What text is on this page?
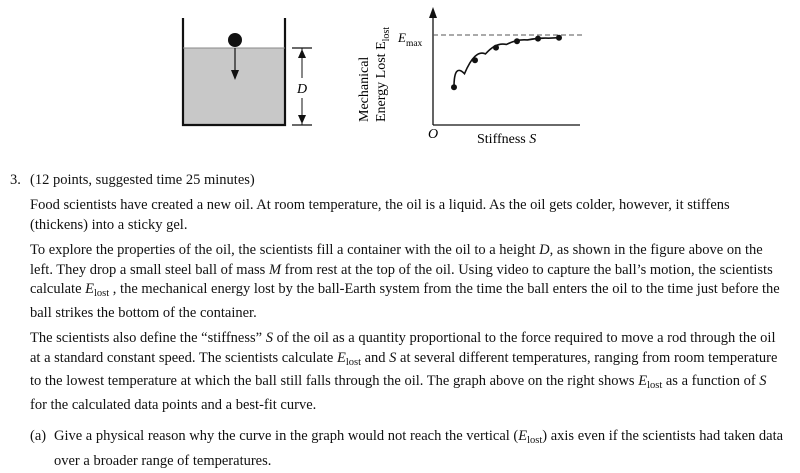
D	Mechanical Energy Lost $E_{lost}$ $E_{max}$
O	Stiffness S
3. (12 points, suggested time 25 minutes)

Food scientists have created a new oil. At room temperature, the oil is a liquid. As the oil gets colder, however, it stiffens (thickens) into a sticky gel.

To explore the properties of the oil, the scientists fill a container with the oil to a height D, as shown in the figure above on the left. They drop a small steel ball of mass M from rest at the top of the oil. Using video to capture the ball’s motion, the scientists calculate $E_{lost}$ , the mechanical energy lost by the ball-Earth system from the time the ball enters the oil to the time just before the ball strikes the bottom of the container.

The scientists also define the “stiffness” S of the oil as a quantity proportional to the force required to move a rod through the oil at a standard constant speed. The scientists calculate $E_{lost}$ and S at several different temperatures, ranging from room temperature to the lowest temperature at which the ball still falls through the oil. The graph above on the right shows $E_{lost}$ as a function of S for the calculated data points and a best-fit curve.

(a) Give a physical reason why the curve in the graph would not reach the vertical $(E_{lost})$ axis even if the scientists had taken data over a broader range of temperatures.
